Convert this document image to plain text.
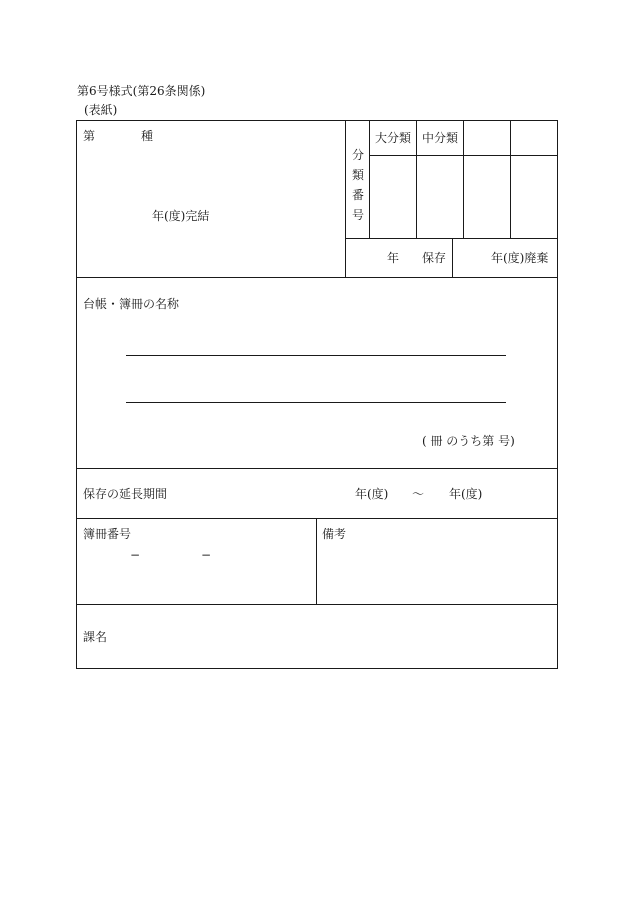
第6号様式(第26条関係)
(表紙)
第	種
年(度)完結
分
類
番
号
大分類 中分類
年 保存	年(度)廃棄
台帳・簿冊の名称
( 冊 のうち第 号)
保存の延長期間	年(度) 〜 年(度)
簿冊番号
−	−
備考
課名
